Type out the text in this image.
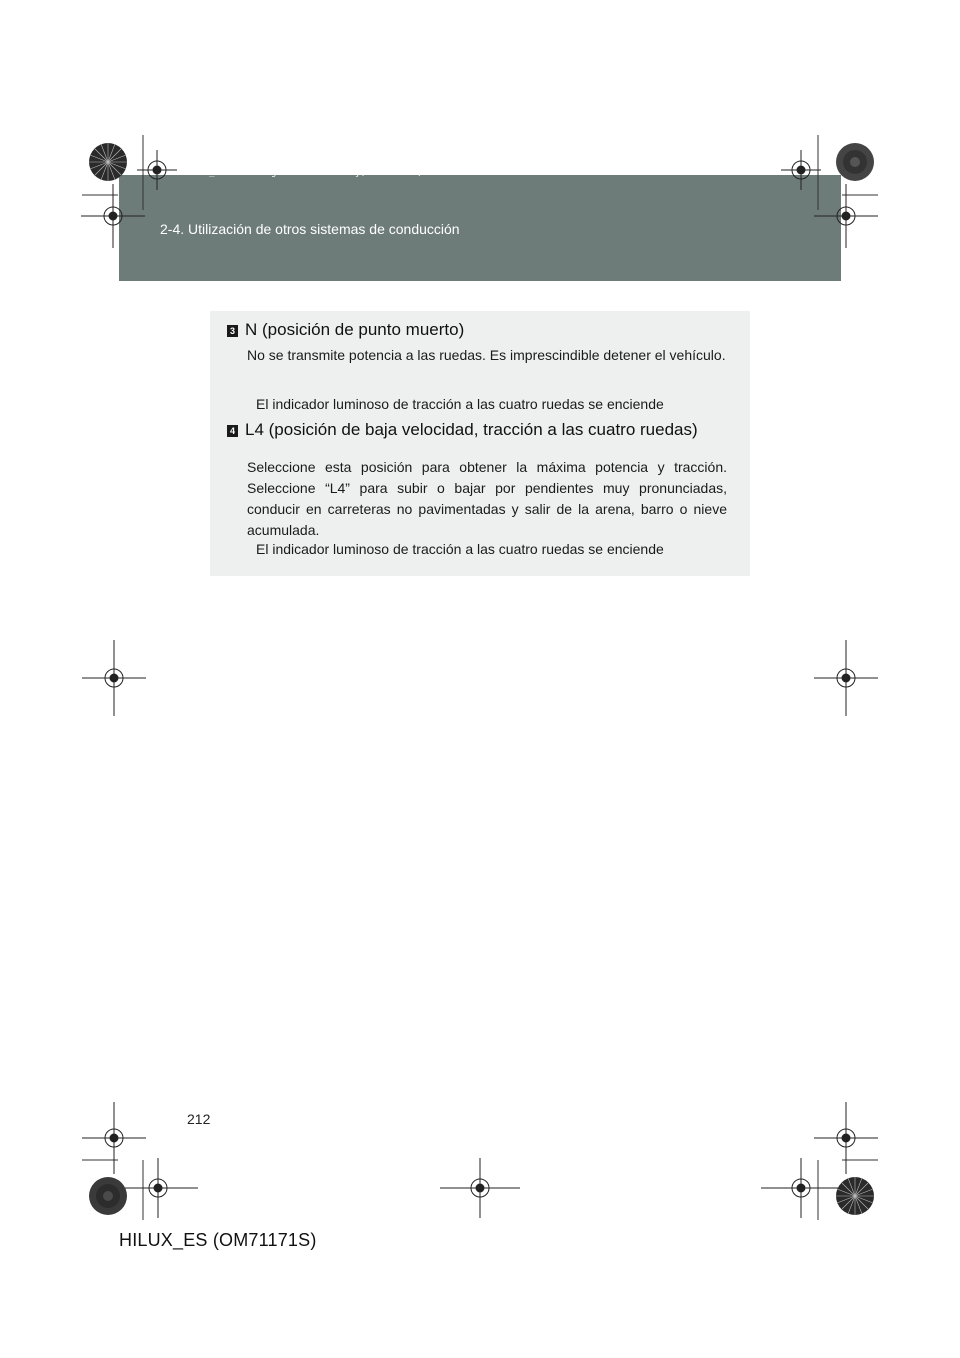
HILUX_ES.book Page 212 Wednesday, March 23, 2011 4:15 PM
2-4. Utilización de otros sistemas de conducción
3 N (posición de punto muerto)
No se transmite potencia a las ruedas. Es imprescindible detener el vehículo.
El indicador luminoso de tracción a las cuatro ruedas se enciende
4 L4 (posición de baja velocidad, tracción a las cuatro ruedas)
Seleccione esta posición para obtener la máxima potencia y tracción. Seleccione “L4” para subir o bajar por pendientes muy pronunciadas, conducir en carreteras no pavimentadas y salir de la arena, barro o nieve acumulada.
El indicador luminoso de tracción a las cuatro ruedas se enciende
212
HILUX_ES (OM71171S)
